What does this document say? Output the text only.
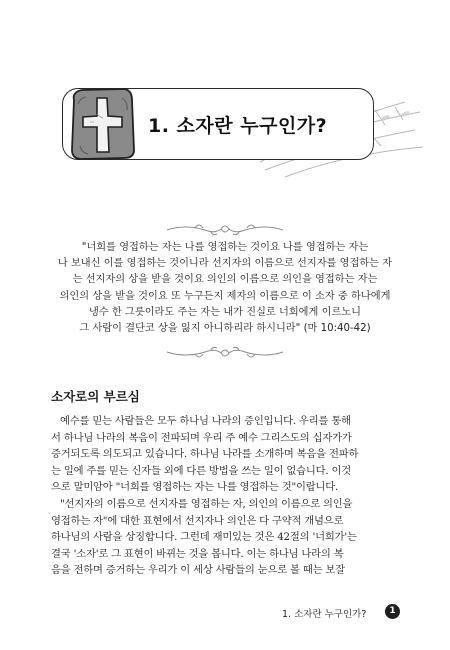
1. 소자란 누구인가?
"너희를 영접하는 자는 나를 영접하는 것이요 나를 영접하는 자는
나 보내신 이를 영접하는 것이니라 선지자의 이름으로 선지자를 영접하는 자
는 선지자의 상을 받을 것이요 의인의 이름으로 의인을 영접하는 자는
의인의 상을 받을 것이요 또 누구든지 제자의 이름으로 이 소자 중 하나에게
냉수 한 그릇이라도 주는 자는 내가 진실로 너희에게 이르노니
그 사람이 결단코 상을 잃지 아니하리라 하시니라" (마 10:40-42)
소자로의 부르심
예수를 믿는 사람들은 모두 하나님 나라의 증인입니다. 우리를 통해
서 하나님 나라의 복음이 전파되며 우리 주 예수 그리스도의 십자가가
증거되도록 의도되고 있습니다. 하나님 나라를 소개하며 복음을 전파하
는 일에 주를 믿는 신자들 외에 다른 방법을 쓰는 일이 없습니다. 이것
으로 말미암아 "너희를 영접하는 자는 나를 영접하는 것"이랍니다.
"선지자의 이름으로 선지자를 영접하는 자, 의인의 이름으로 의인을
영접하는 자"에 대한 표현에서 선지자나 의인은 다 구약적 개념으로
하나님의 사람을 상징합니다. 그런데 재미있는 것은 42절의 '너희가'는
결국 '소자'로 그 표현이 바뀌는 것을 봅니다. 이는 하나님 나라의 복
음을 전하며 증거하는 우리가 이 세상 사람들의 눈으로 볼 때는 보잘
1. 소자란 누구인가?	1
